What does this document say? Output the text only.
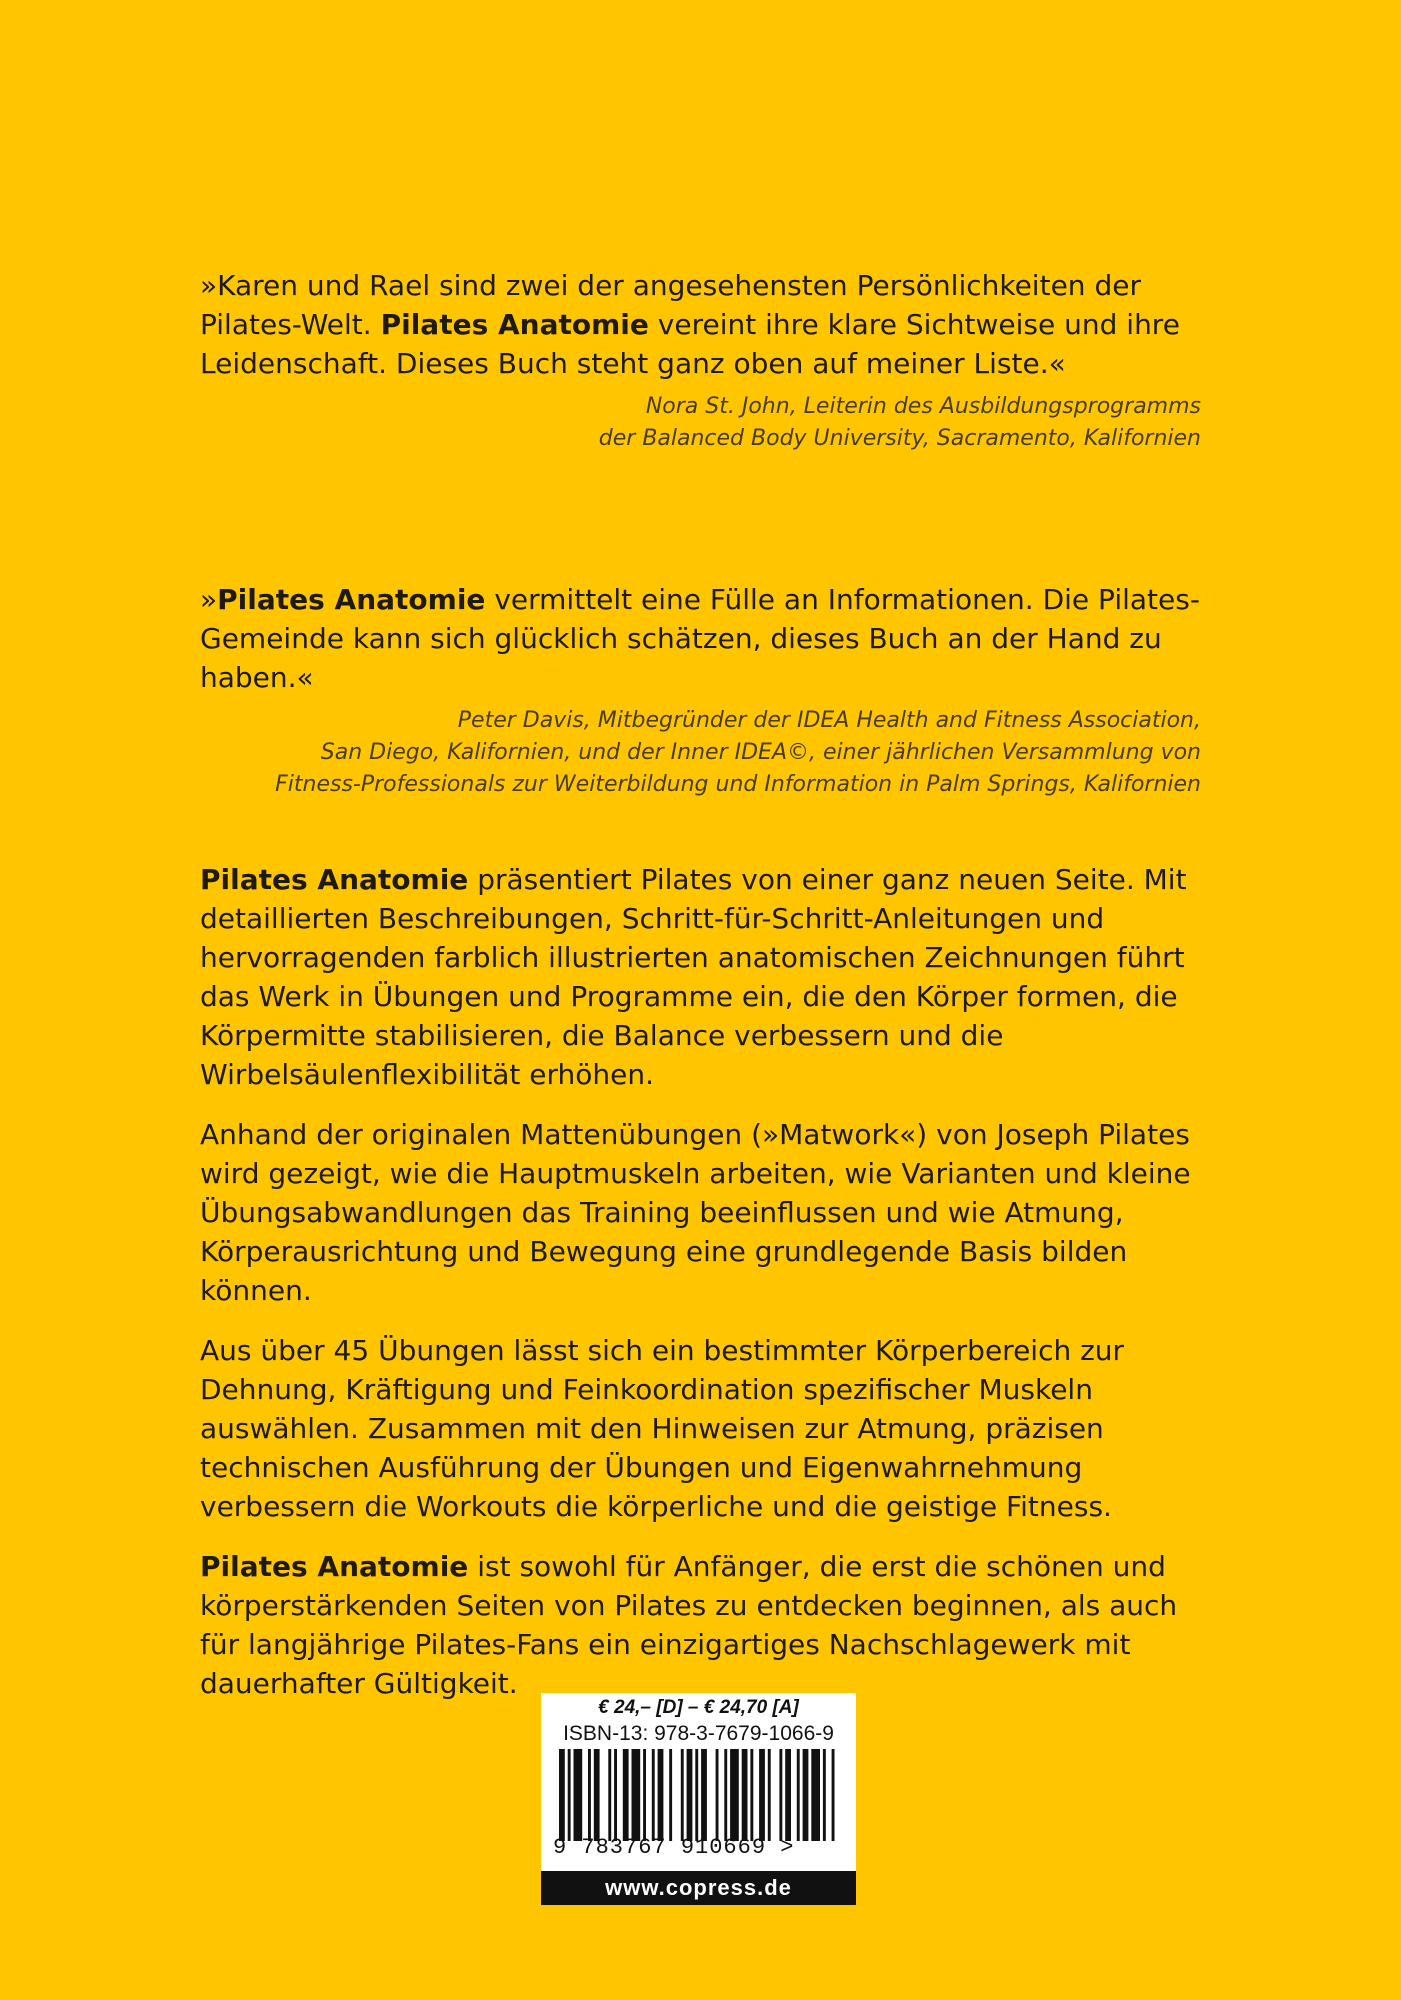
»Karen und Rael sind zwei der angesehensten Persönlichkeiten der Pilates-Welt. Pilates Anatomie vereint ihre klare Sichtweise und ihre Leidenschaft. Dieses Buch steht ganz oben auf meiner Liste.«

Nora St. John, Leiterin des Ausbildungsprogramms
der Balanced Body University, Sacramento, Kalifornien

»Pilates Anatomie vermittelt eine Fülle an Informationen. Die Pilates-Gemeinde kann sich glücklich schätzen, dieses Buch an der Hand zu haben.«

Peter Davis, Mitbegründer der IDEA Health and Fitness Association,
San Diego, Kalifornien, und der Inner IDEA©, einer jährlichen Versammlung von
Fitness-Professionals zur Weiterbildung und Information in Palm Springs, Kalifornien

Pilates Anatomie präsentiert Pilates von einer ganz neuen Seite. Mit detaillierten Beschreibungen, Schritt-für-Schritt-Anleitungen und hervorragenden farblich illustrierten anatomischen Zeichnungen führt das Werk in Übungen und Programme ein, die den Körper formen, die Körpermitte stabilisieren, die Balance verbessern und die Wirbelsäulenflexibilität erhöhen.

Anhand der originalen Mattenübungen (»Matwork«) von Joseph Pilates wird gezeigt, wie die Hauptmuskeln arbeiten, wie Varianten und kleine Übungsabwandlungen das Training beeinflussen und wie Atmung, Körperausrichtung und Bewegung eine grundlegende Basis bilden können.

Aus über 45 Übungen lässt sich ein bestimmter Körperbereich zur Dehnung, Kräftigung und Feinkoordination spezifischer Muskeln auswählen. Zusammen mit den Hinweisen zur Atmung, präzisen technischen Ausführung der Übungen und Eigenwahrnehmung verbessern die Workouts die körperliche und die geistige Fitness.

Pilates Anatomie ist sowohl für Anfänger, die erst die schönen und körperstärkenden Seiten von Pilates zu entdecken beginnen, als auch für langjährige Pilates-Fans ein einzigartiges Nachschlagewerk mit dauerhafter Gültigkeit.

€ 24,– [D] – € 24,70 [A]
ISBN-13: 978-3-7679-1066-9
9 783767 910669 >
www.copress.de
